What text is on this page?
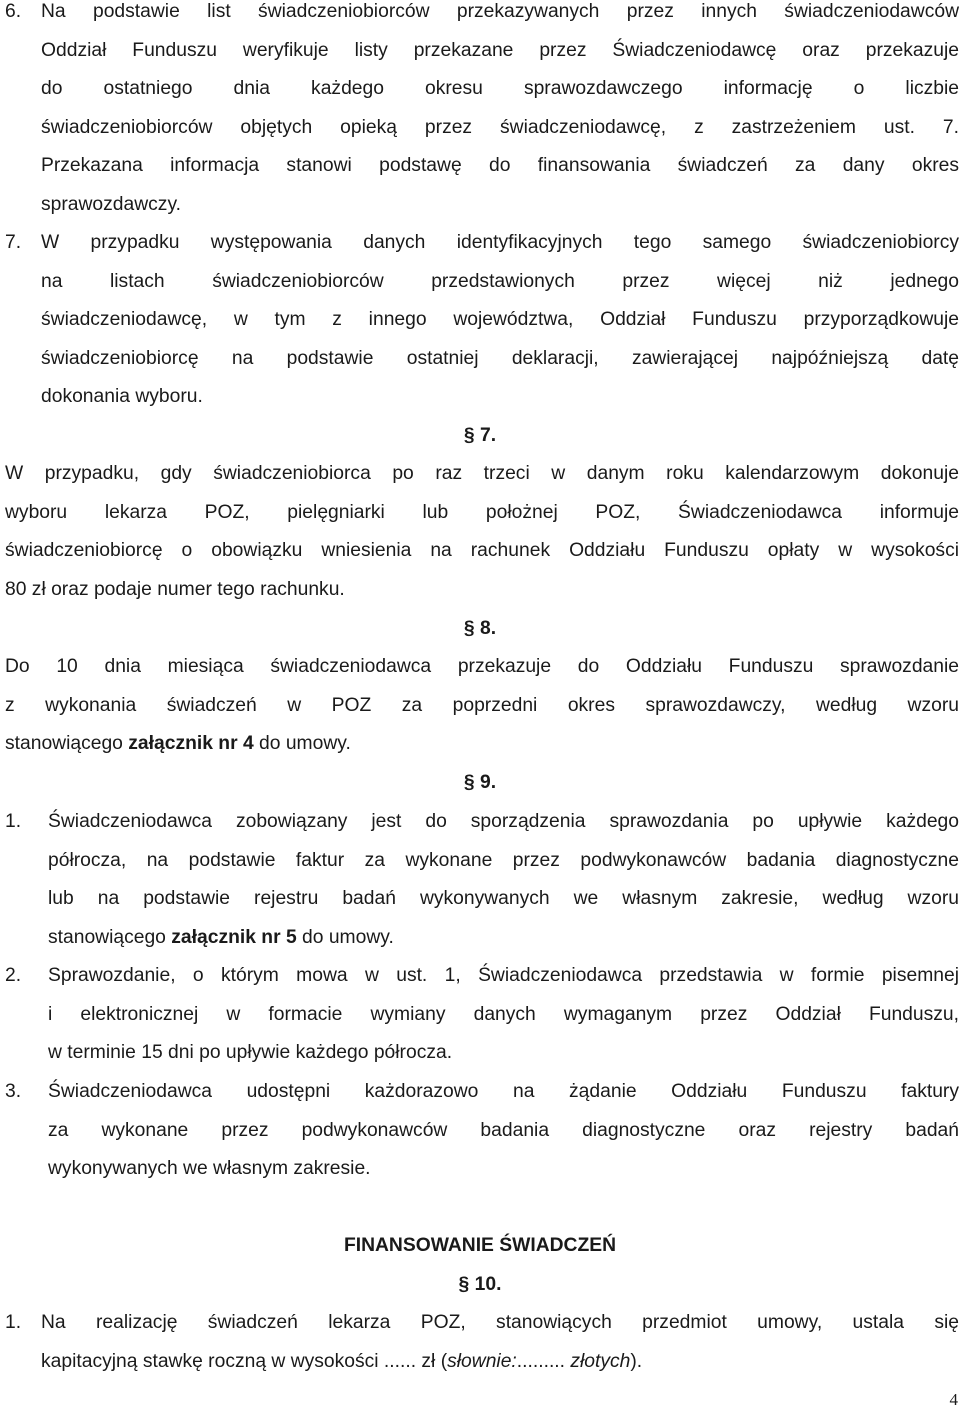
6. Na podstawie list świadczeniobiorców przekazywanych przez innych świadczeniodawców

Oddział Funduszu weryfikuje listy przekazane przez Świadczeniodawcę oraz przekazuje

do ostatniego dnia każdego okresu sprawozdawczego informację o liczbie

świadczeniobiorców objętych opieką przez świadczeniodawcę, z zastrzeżeniem ust. 7.

Przekazana informacja stanowi podstawę do finansowania świadczeń za dany okres

sprawozdawczy.

7. W przypadku występowania danych identyfikacyjnych tego samego świadczeniobiorcy

na listach świadczeniobiorców przedstawionych przez więcej niż jednego

świadczeniodawcę, w tym z innego województwa, Oddział Funduszu przyporządkowuje

świadczeniobiorcę na podstawie ostatniej deklaracji, zawierającej najpóźniejszą datę

dokonania wyboru.

§ 7.

W przypadku, gdy świadczeniobiorca po raz trzeci w danym roku kalendarzowym dokonuje

wyboru lekarza POZ, pielęgniarki lub położnej POZ, Świadczeniodawca informuje

świadczeniobiorcę o obowiązku wniesienia na rachunek Oddziału Funduszu opłaty w wysokości

80 zł oraz podaje numer tego rachunku.

§ 8.

Do 10 dnia miesiąca świadczeniodawca przekazuje do Oddziału Funduszu sprawozdanie

z wykonania świadczeń w POZ za poprzedni okres sprawozdawczy, według wzoru

stanowiącego załącznik nr 4 do umowy.

§ 9.
1. Świadczeniodawca zobowiązany jest do sporządzenia sprawozdania po upływie każdego

półrocza, na podstawie faktur za wykonane przez podwykonawców badania diagnostyczne

lub na podstawie rejestru badań wykonywanych we własnym zakresie, według wzoru

stanowiącego załącznik nr 5 do umowy.

2. Sprawozdanie, o którym mowa w ust. 1, Świadczeniodawca przedstawia w formie pisemnej

i elektronicznej w formacie wymiany danych wymaganym przez Oddział Funduszu,

w terminie 15 dni po upływie każdego półrocza.

3. Świadczeniodawca udostępni każdorazowo na żądanie Oddziału Funduszu faktury

za wykonane przez podwykonawców badania diagnostyczne oraz rejestry badań

wykonywanych we własnym zakresie.

FINANSOWANIE ŚWIADCZEŃ
§ 10.
1. Na realizację świadczeń lekarza POZ, stanowiących przedmiot umowy, ustala się

kapitacyjną stawkę roczną w wysokości ...... zł (słownie:......... złotych).

4
